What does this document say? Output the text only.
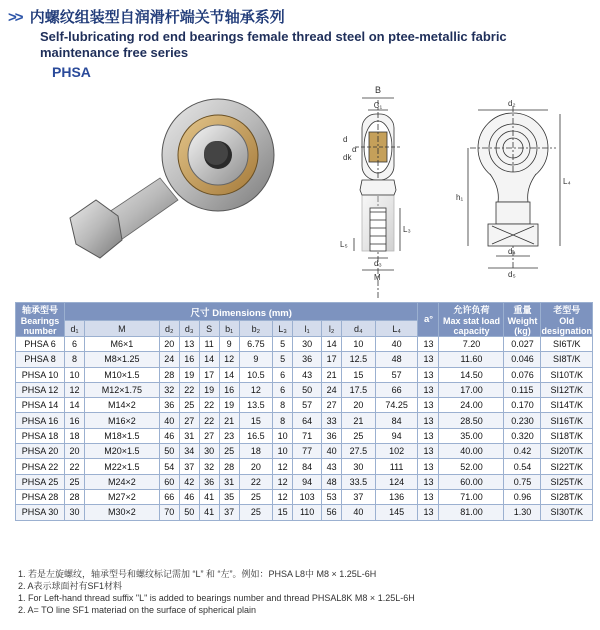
>> 内螺纹组装型自润滑杆端关节轴承系列
Self-lubricating rod end bearings female thread steel on ptee-metallic fabric maintenance free series
PHSA
B
C₁
d
dk
α
L₃
L₅
d₃
M
d₂
h₁
L₄
d₄
d₅
轴承型号
Bearings number	尺寸 Dimensions (mm)												a°	允许负荷
Max stat load capacity	重量
Weight (kg)	老型号
Old designation

	d₁	M	d₂	d₃	S	b₁	b₂	L₃	l₁	l₂	d₄	L₄				
PHSA 6	6	M6×1	20	13	11	9	6.75	5	30	14	10	40	13	7.20	0.027	SI6T/K
PHSA 8	8	M8×1.25	24	16	14	12	9	5	36	17	12.5	48	13	11.60	0.046	SI8T/K
PHSA 10	10	M10×1.5	28	19	17	14	10.5	6	43	21	15	57	13	14.50	0.076	SI10T/K
PHSA 12	12	M12×1.75	32	22	19	16	12	6	50	24	17.5	66	13	17.00	0.115	SI12T/K
PHSA 14	14	M14×2	36	25	22	19	13.5	8	57	27	20	74.25	13	24.00	0.170	SI14T/K
PHSA 16	16	M16×2	40	27	22	21	15	8	64	33	21	84	13	28.50	0.230	SI16T/K
PHSA 18	18	M18×1.5	46	31	27	23	16.5	10	71	36	25	94	13	35.00	0.320	SI18T/K
PHSA 20	20	M20×1.5	50	34	30	25	18	10	77	40	27.5	102	13	40.00	0.42	SI20T/K
PHSA 22	22	M22×1.5	54	37	32	28	20	12	84	43	30	111	13	52.00	0.54	SI22T/K
PHSA 25	25	M24×2	60	42	36	31	22	12	94	48	33.5	124	13	60.00	0.75	SI25T/K
PHSA 28	28	M27×2	66	46	41	35	25	12	103	53	37	136	13	71.00	0.96	SI28T/K
PHSA 30	30	M30×2	70	50	41	37	25	15	110	56	40	145	13	81.00	1.30	SI30T/K
1. 若是左旋螺纹，轴承型号和螺纹标记需加 “L” 和 “左”。例如：PHSA L8中 M8 × 1.25L-6H
2. A表示球面衬有SF1材料
1. For Left-hand thread suffix "L" is added to bearings number and thread PHSAL8K M8 × 1.25L-6H
2. A= TO line SF1 materiad on the surface of spherical plain
